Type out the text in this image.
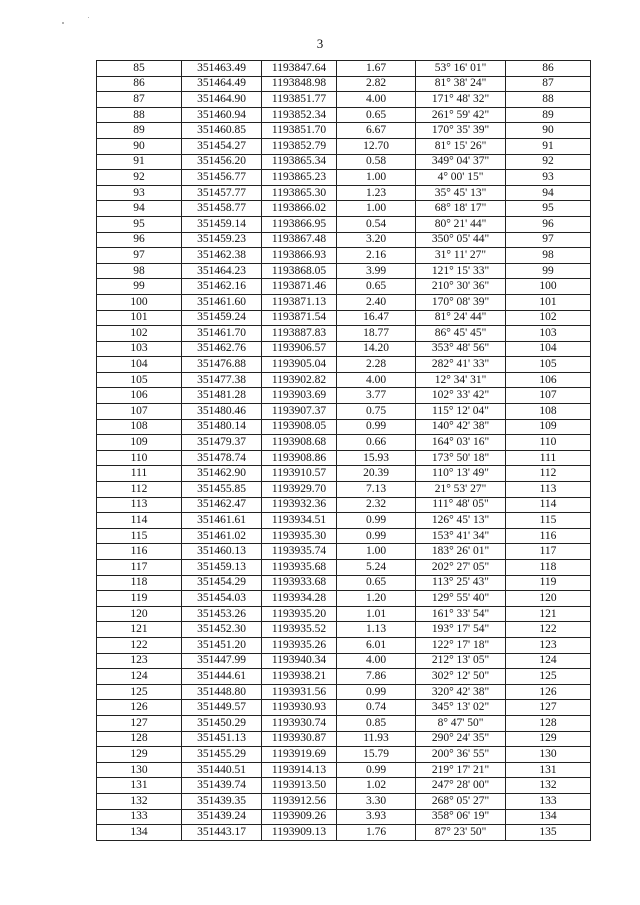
3
85	351463.49	1193847.64	1.67	53° 16' 01"	86
86	351464.49	1193848.98	2.82	81° 38' 24"	87
87	351464.90	1193851.77	4.00	171° 48' 32"	88
88	351460.94	1193852.34	0.65	261° 59' 42"	89
89	351460.85	1193851.70	6.67	170° 35' 39"	90
90	351454.27	1193852.79	12.70	81° 15' 26"	91
91	351456.20	1193865.34	0.58	349° 04' 37"	92
92	351456.77	1193865.23	1.00	4° 00' 15"	93
93	351457.77	1193865.30	1.23	35° 45' 13"	94
94	351458.77	1193866.02	1.00	68° 18' 17"	95
95	351459.14	1193866.95	0.54	80° 21' 44"	96
96	351459.23	1193867.48	3.20	350° 05' 44"	97
97	351462.38	1193866.93	2.16	31° 11' 27"	98
98	351464.23	1193868.05	3.99	121° 15' 33"	99
99	351462.16	1193871.46	0.65	210° 30' 36"	100
100	351461.60	1193871.13	2.40	170° 08' 39"	101
101	351459.24	1193871.54	16.47	81° 24' 44"	102
102	351461.70	1193887.83	18.77	86° 45' 45"	103
103	351462.76	1193906.57	14.20	353° 48' 56"	104
104	351476.88	1193905.04	2.28	282° 41' 33"	105
105	351477.38	1193902.82	4.00	12° 34' 31"	106
106	351481.28	1193903.69	3.77	102° 33' 42"	107
107	351480.46	1193907.37	0.75	115° 12' 04"	108
108	351480.14	1193908.05	0.99	140° 42' 38"	109
109	351479.37	1193908.68	0.66	164° 03' 16"	110
110	351478.74	1193908.86	15.93	173° 50' 18"	111
111	351462.90	1193910.57	20.39	110° 13' 49"	112
112	351455.85	1193929.70	7.13	21° 53' 27"	113
113	351462.47	1193932.36	2.32	111° 48' 05"	114
114	351461.61	1193934.51	0.99	126° 45' 13"	115
115	351461.02	1193935.30	0.99	153° 41' 34"	116
116	351460.13	1193935.74	1.00	183° 26' 01"	117
117	351459.13	1193935.68	5.24	202° 27' 05"	118
118	351454.29	1193933.68	0.65	113° 25' 43"	119
119	351454.03	1193934.28	1.20	129° 55' 40"	120
120	351453.26	1193935.20	1.01	161° 33' 54"	121
121	351452.30	1193935.52	1.13	193° 17' 54"	122
122	351451.20	1193935.26	6.01	122° 17' 18"	123
123	351447.99	1193940.34	4.00	212° 13' 05"	124
124	351444.61	1193938.21	7.86	302° 12' 50"	125
125	351448.80	1193931.56	0.99	320° 42' 38"	126
126	351449.57	1193930.93	0.74	345° 13' 02"	127
127	351450.29	1193930.74	0.85	8° 47' 50"	128
128	351451.13	1193930.87	11.93	290° 24' 35"	129
129	351455.29	1193919.69	15.79	200° 36' 55"	130
130	351440.51	1193914.13	0.99	219° 17' 21"	131
131	351439.74	1193913.50	1.02	247° 28' 00"	132
132	351439.35	1193912.56	3.30	268° 05' 27"	133
133	351439.24	1193909.26	3.93	358° 06' 19"	134
134	351443.17	1193909.13	1.76	87° 23' 50"	135
